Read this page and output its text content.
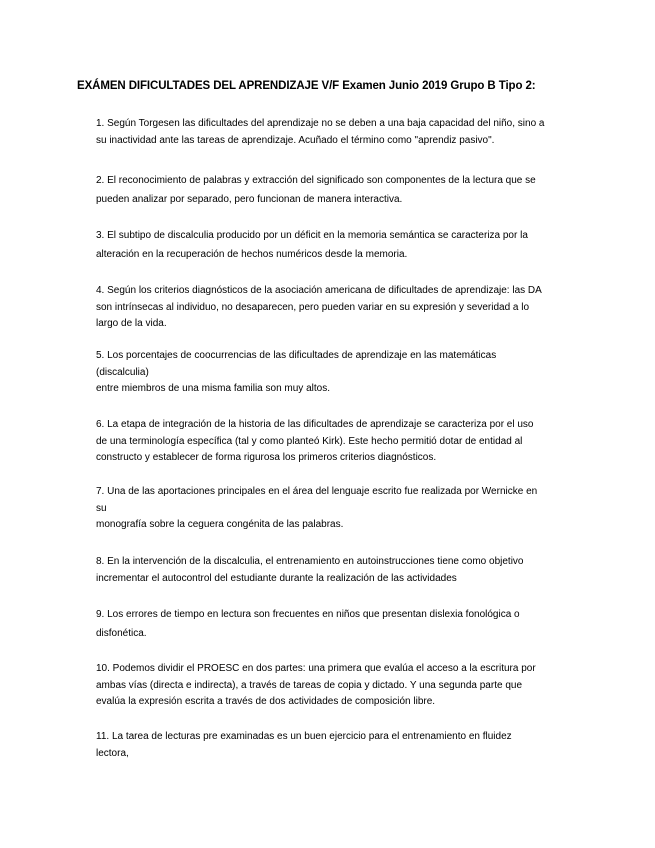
EXÁMEN DIFICULTADES DEL APRENDIZAJE V/F Examen Junio 2019 Grupo B Tipo 2:
1. Según Torgesen las dificultades del aprendizaje no se deben a una baja capacidad del niño, sino a
su inactividad ante las tareas de aprendizaje. Acuñado el término como "aprendiz pasivo".
2. El reconocimiento de palabras y extracción del significado son componentes de la lectura que se
pueden analizar por separado, pero funcionan de manera interactiva.
3. El subtipo de discalculia producido por un déficit en la memoria semántica se caracteriza por la
alteración en la recuperación de hechos numéricos desde la memoria.
4. Según los criterios diagnósticos de la asociación americana de dificultades de aprendizaje: las DA
son intrínsecas al individuo, no desaparecen, pero pueden variar en su expresión y severidad a lo
largo de la vida.
5. Los porcentajes de coocurrencias de las dificultades de aprendizaje en las matemáticas
(discalculia)
entre miembros de una misma familia son muy altos.
6. La etapa de integración de la historia de las dificultades de aprendizaje se caracteriza por el uso
de una terminología específica (tal y como planteó Kirk). Este hecho permitió dotar de entidad al
constructo y establecer de forma rigurosa los primeros criterios diagnósticos.
7. Una de las aportaciones principales en el área del lenguaje escrito fue realizada por Wernicke en
su
monografía sobre la ceguera congénita de las palabras.
8. En la intervención de la discalculia, el entrenamiento en autoinstrucciones tiene como objetivo
incrementar el autocontrol del estudiante durante la realización de las actividades
9. Los errores de tiempo en lectura son frecuentes en niños que presentan dislexia fonológica o
disfonética.
10. Podemos dividir el PROESC en dos partes: una primera que evalúa el acceso a la escritura por
ambas vías (directa e indirecta), a través de tareas de copia y dictado. Y una segunda parte que
evalúa la expresión escrita a través de dos actividades de composición libre.
11. La tarea de lecturas pre examinadas es un buen ejercicio para el entrenamiento en fluidez
lectora,
